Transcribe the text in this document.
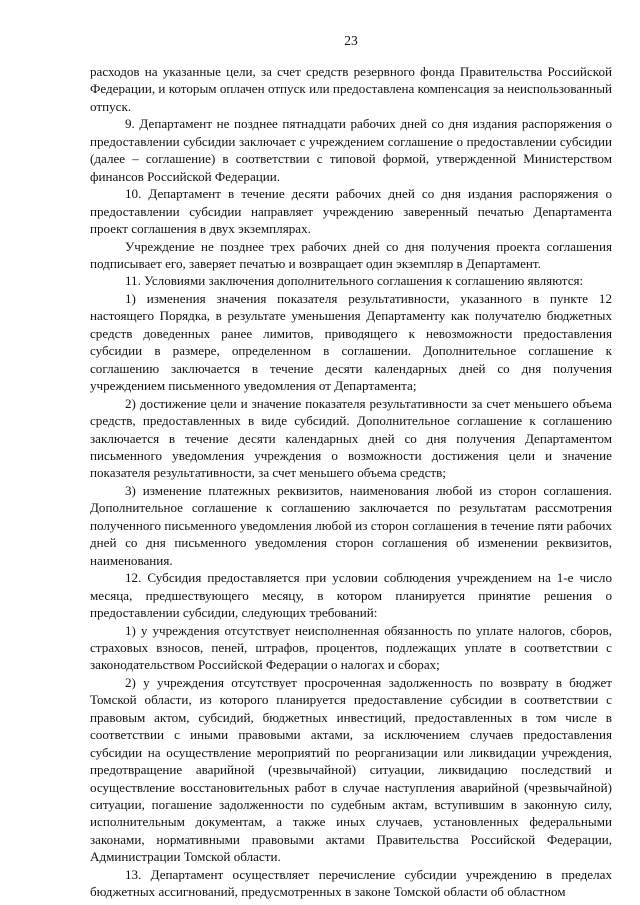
23

расходов на указанные цели, за счет средств резервного фонда Правительства Российской Федерации, и которым оплачен отпуск или предоставлена компенсация за неиспользованный отпуск.

9. Департамент не позднее пятнадцати рабочих дней со дня издания распоряжения о предоставлении субсидии заключает с учреждением соглашение о предоставлении субсидии (далее – соглашение) в соответствии с типовой формой, утвержденной Министерством финансов Российской Федерации.

10. Департамент в течение десяти рабочих дней со дня издания распоряжения о предоставлении субсидии направляет учреждению заверенный печатью Департамента проект соглашения в двух экземплярах.

Учреждение не позднее трех рабочих дней со дня получения проекта соглашения подписывает его, заверяет печатью и возвращает один экземпляр в Департамент.

11. Условиями заключения дополнительного соглашения к соглашению являются:

1) изменения значения показателя результативности, указанного в пункте 12 настоящего Порядка, в результате уменьшения Департаменту как получателю бюджетных средств доведенных ранее лимитов, приводящего к невозможности предоставления субсидии в размере, определенном в соглашении. Дополнительное соглашение к соглашению заключается в течение десяти календарных дней со дня получения учреждением письменного уведомления от Департамента;

2) достижение цели и значение показателя результативности за счет меньшего объема средств, предоставленных в виде субсидий. Дополнительное соглашение к соглашению заключается в течение десяти календарных дней со дня получения Департаментом письменного уведомления учреждения о возможности достижения цели и значение показателя результативности, за счет меньшего объема средств;

3) изменение платежных реквизитов, наименования любой из сторон соглашения. Дополнительное соглашение к соглашению заключается по результатам рассмотрения полученного письменного уведомления любой из сторон соглашения в течение пяти рабочих дней со дня письменного уведомления сторон соглашения об изменении реквизитов, наименования.

12. Субсидия предоставляется при условии соблюдения учреждением на 1-е число месяца, предшествующего месяцу, в котором планируется принятие решения о предоставлении субсидии, следующих требований:

1) у учреждения отсутствует неисполненная обязанность по уплате налогов, сборов, страховых взносов, пеней, штрафов, процентов, подлежащих уплате в соответствии с законодательством Российской Федерации о налогах и сборах;

2) у учреждения отсутствует просроченная задолженность по возврату в бюджет Томской области, из которого планируется предоставление субсидии в соответствии с правовым актом, субсидий, бюджетных инвестиций, предоставленных в том числе в соответствии с иными правовыми актами, за исключением случаев предоставления субсидии на осуществление мероприятий по реорганизации или ликвидации учреждения, предотвращение аварийной (чрезвычайной) ситуации, ликвидацию последствий и осуществление восстановительных работ в случае наступления аварийной (чрезвычайной) ситуации, погашение задолженности по судебным актам, вступившим в законную силу, исполнительным документам, а также иных случаев, установленных федеральными законами, нормативными правовыми актами Правительства Российской Федерации, Администрации Томской области.

13. Департамент осуществляет перечисление субсидии учреждению в пределах бюджетных ассигнований, предусмотренных в законе Томской области об областном
